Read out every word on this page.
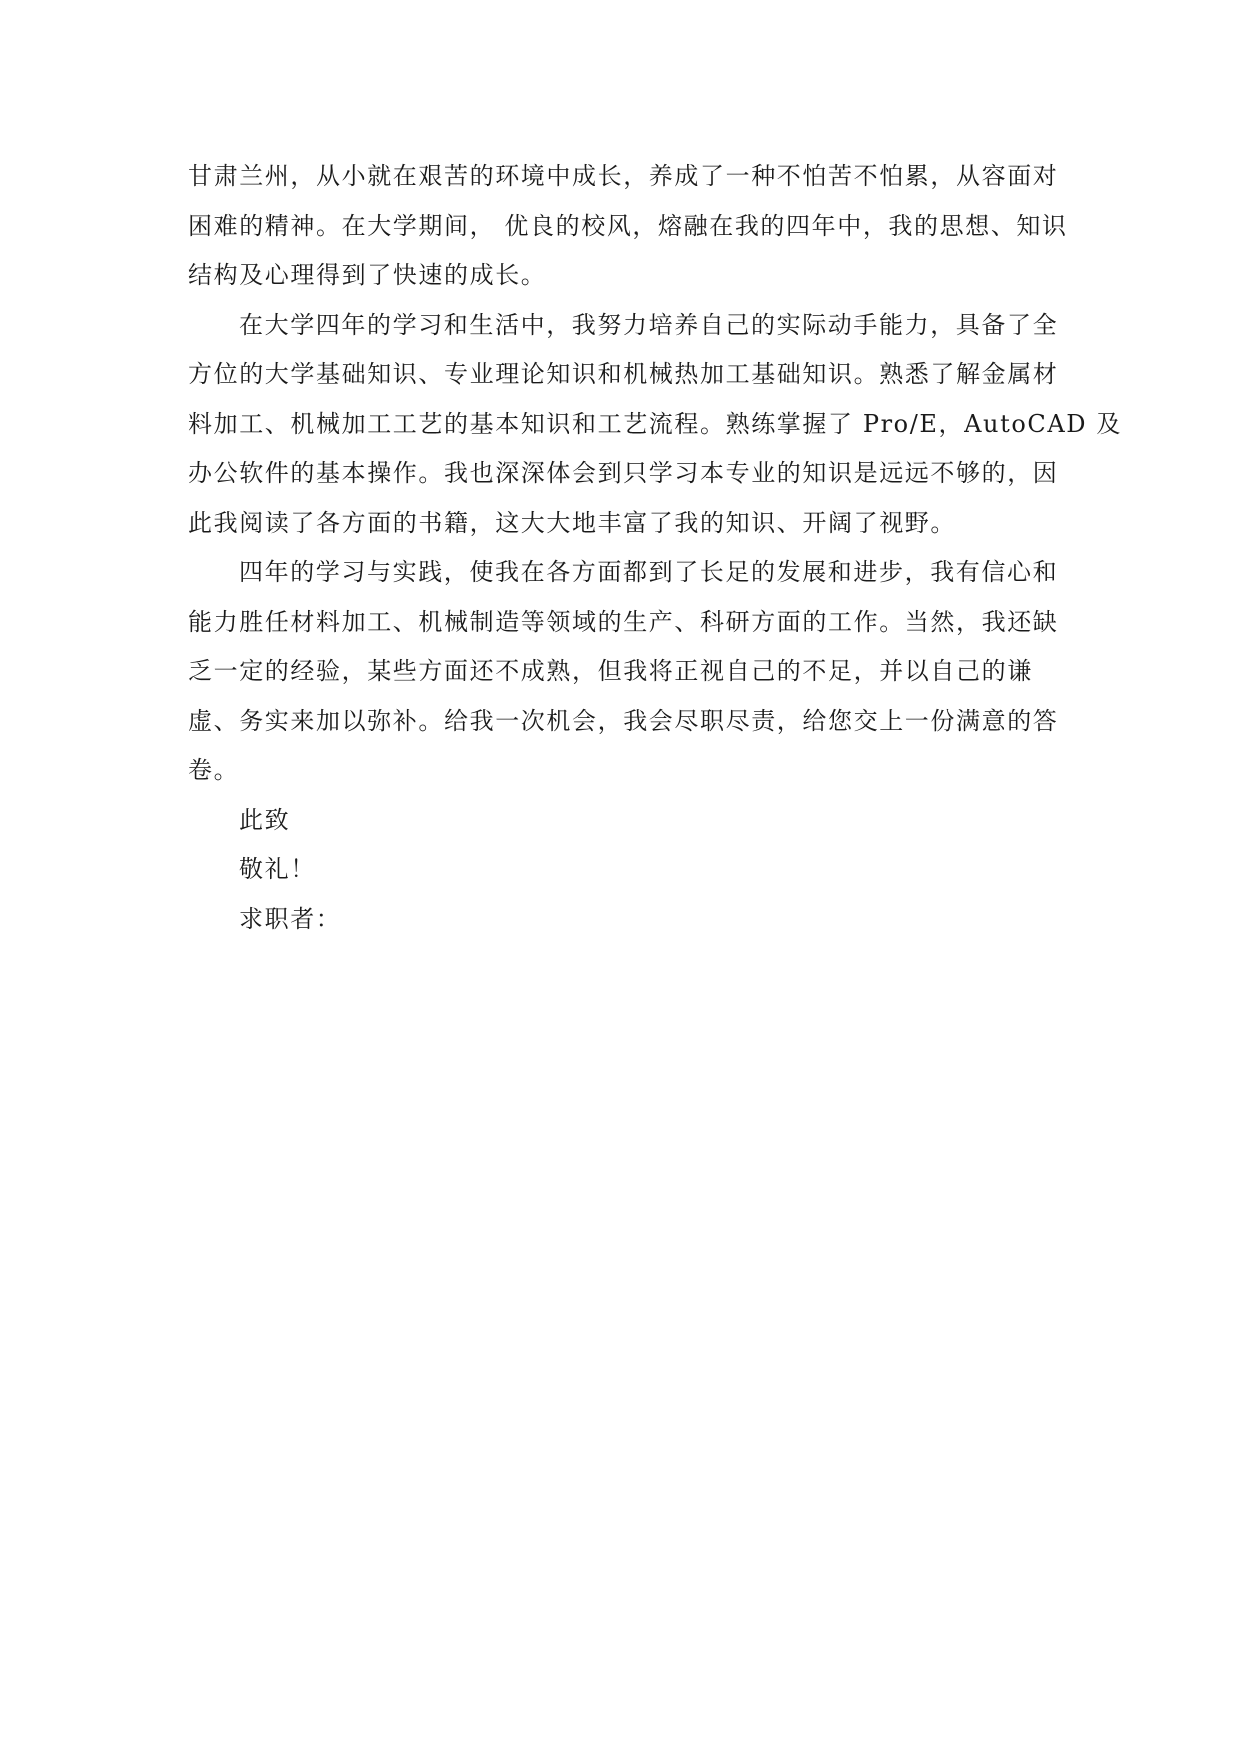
甘肃兰州，从小就在艰苦的环境中成长，养成了一种不怕苦不怕累，从容面对
困难的精神。在大学期间， 优良的校风，熔融在我的四年中，我的思想、知识
结构及心理得到了快速的成长。
在大学四年的学习和生活中，我努力培养自己的实际动手能力，具备了全
方位的大学基础知识、专业理论知识和机械热加工基础知识。熟悉了解金属材
料加工、机械加工工艺的基本知识和工艺流程。熟练掌握了 Pro/E，AutoCAD 及
办公软件的基本操作。我也深深体会到只学习本专业的知识是远远不够的，因
此我阅读了各方面的书籍，这大大地丰富了我的知识、开阔了视野。
四年的学习与实践，使我在各方面都到了长足的发展和进步，我有信心和
能力胜任材料加工、机械制造等领域的生产、科研方面的工作。当然，我还缺
乏一定的经验，某些方面还不成熟，但我将正视自己的不足，并以自己的谦
虚、务实来加以弥补。给我一次机会，我会尽职尽责，给您交上一份满意的答
卷。
此致
敬礼！
求职者：
